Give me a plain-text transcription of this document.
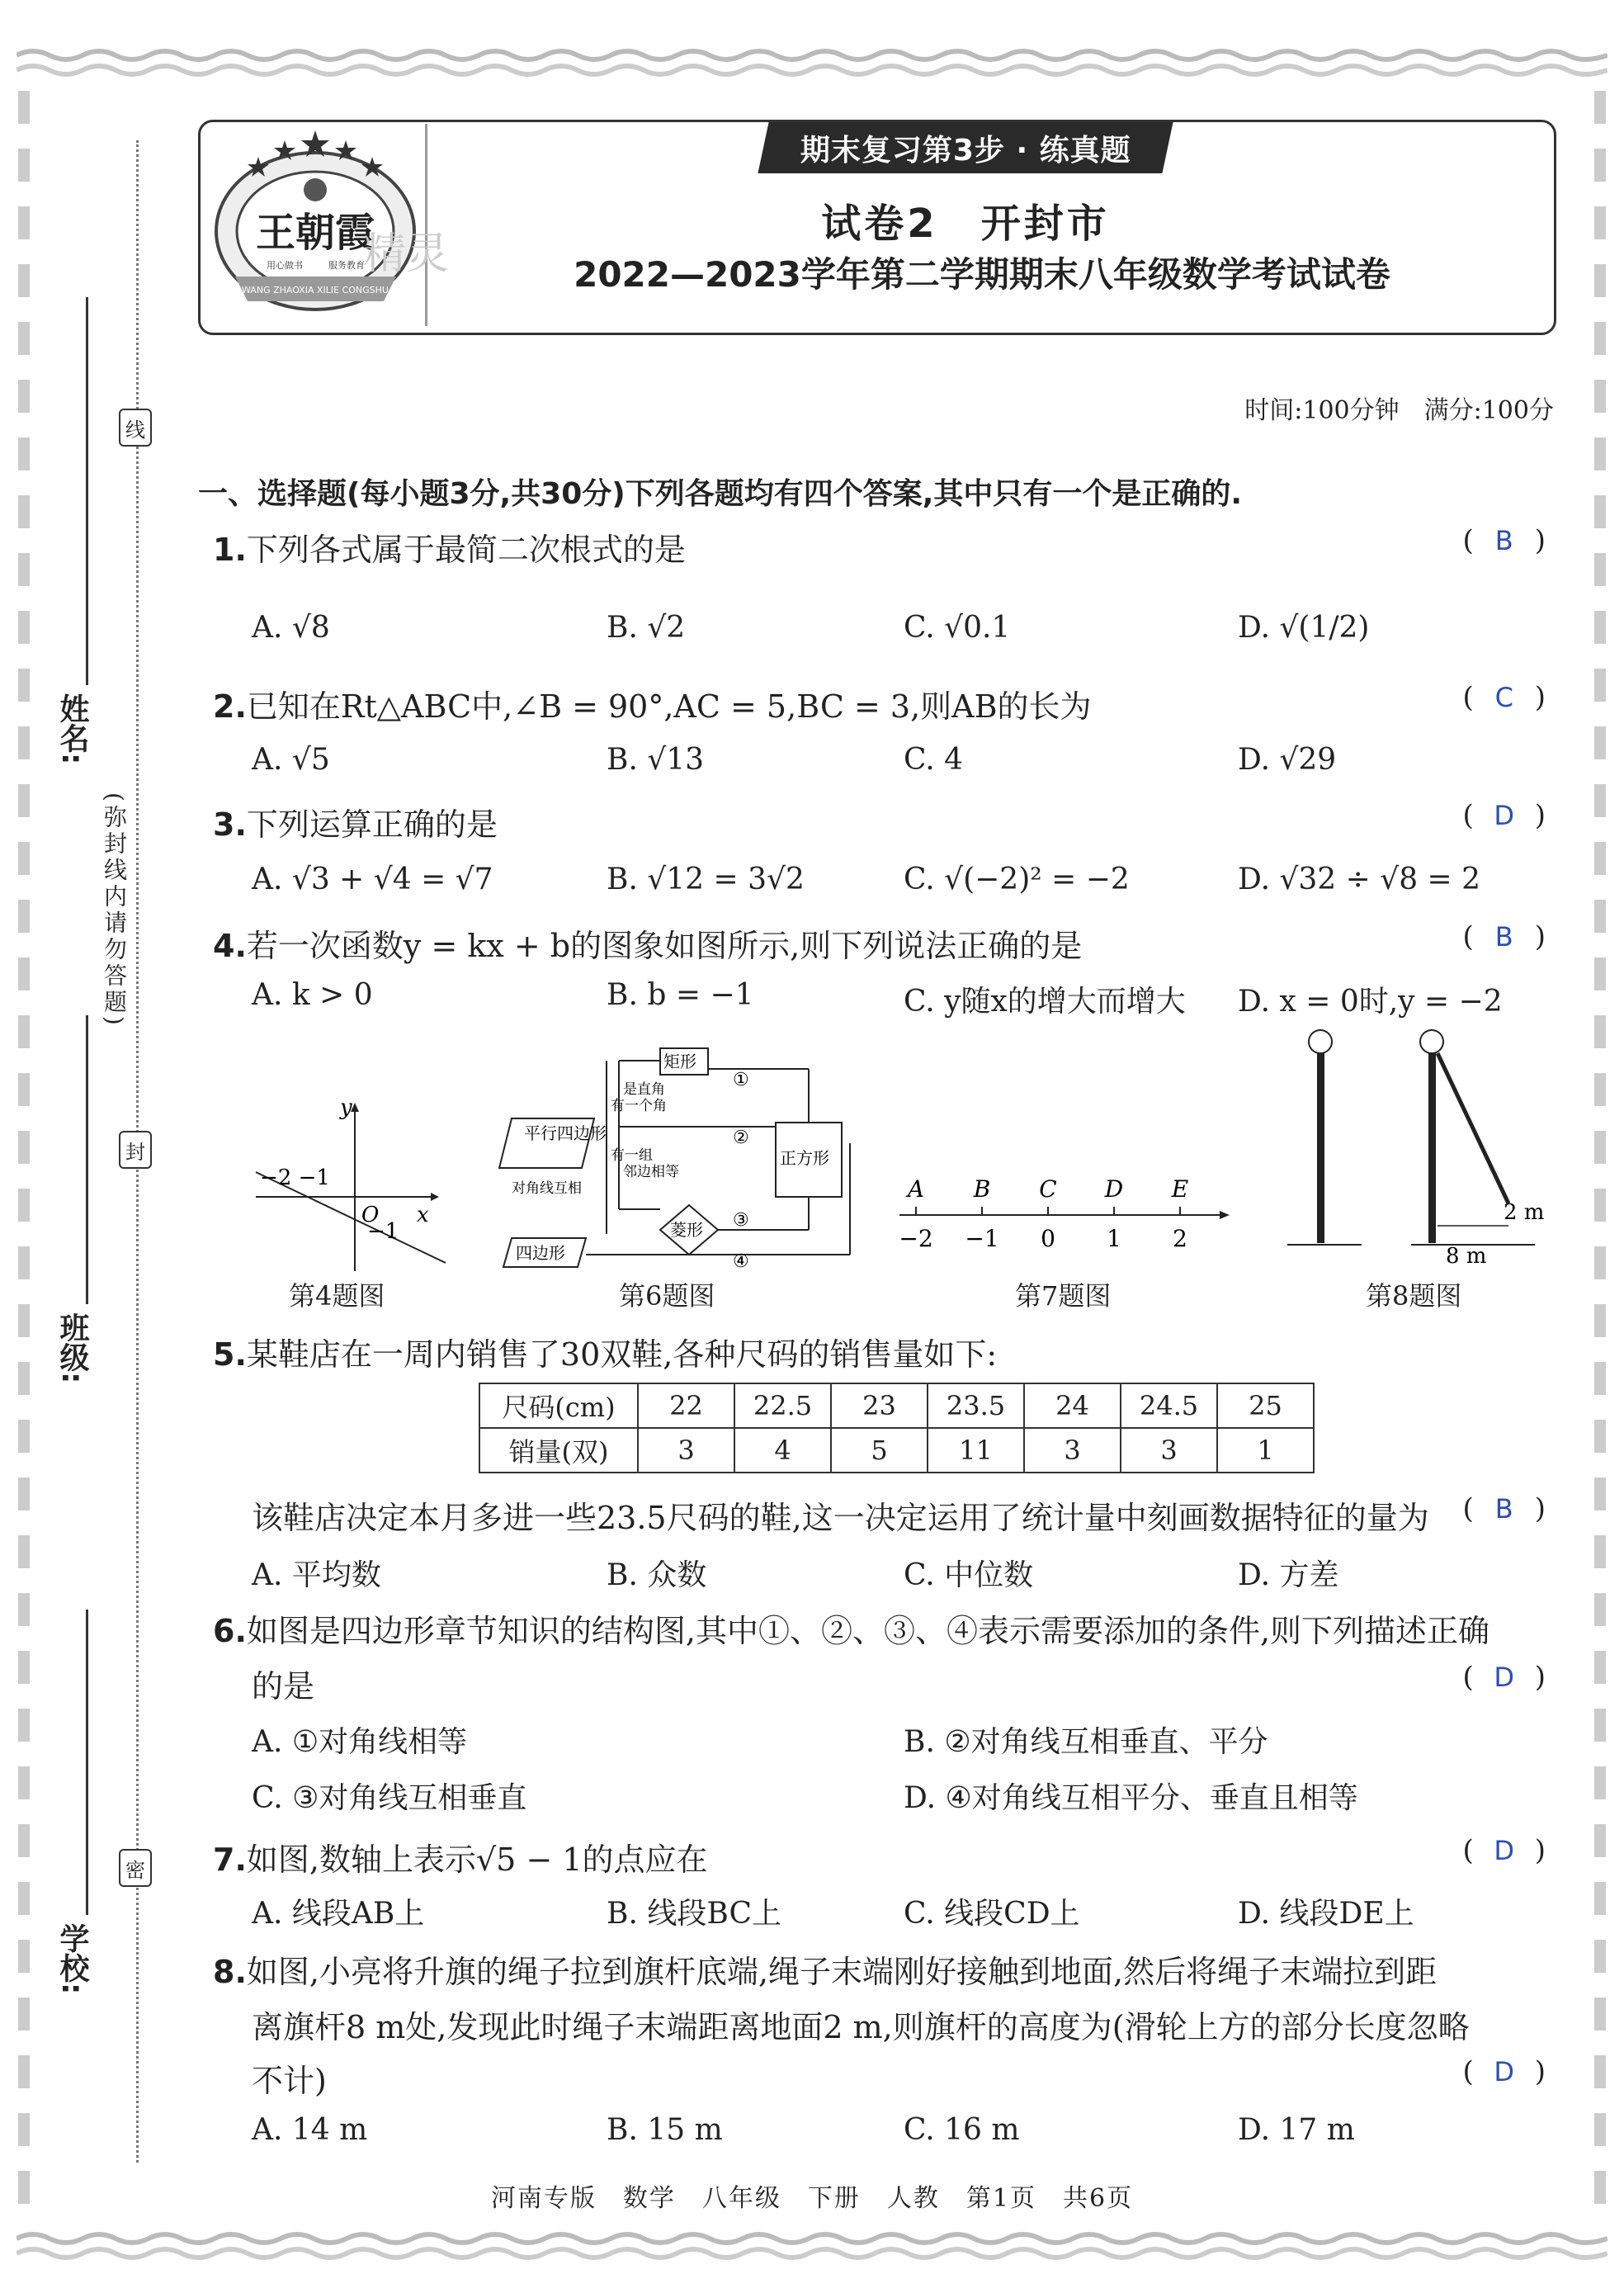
线
封
密
(弥封线内请勿答题)
姓名:
班级:
学校:
王朝霞
用心做书	服务教育
WANG ZHAOXIA XILIE CONGSHU
精灵
期末复习第3步 · 练真题
试卷2　开封市
2022—2023学年第二学期期末八年级数学考试试卷
时间:100分钟　满分:100分
一、选择题(每小题3分,共30分)下列各题均有四个答案,其中只有一个是正确的.
1.下列各式属于最简二次根式的是	( B )
A. √8	B. √2	C. √0.1	D. √(1/2)
2.已知在Rt△ABC中,∠B = 90°,AC = 5,BC = 3,则AB的长为	( C )
A. √5	B. √13	C. 4	D. √29
3.下列运算正确的是	( D )
A. √3 + √4 = √7	B. √12 = 3√2	C. √(−2)² = −2	D. √32 ÷ √8 = 2
4.若一次函数y = kx + b的图象如图所示,则下列说法正确的是	( B )
A. k > 0	B. b = −1	C. y随x的增大而增大 D. x = 0时,y = −2
y
x
O
−2 −1
−1
第4题图
平行四边形
四边形
作业精灵
矩形
正方形
菱形
①
②
③
④
有一个角
是直角
有一组
邻边相等
对角线互相
第6题图
A
−2
B
−1
C
0
D
1
E
2
第7题图
2 m
8 m
第8题图
5.某鞋店在一周内销售了30双鞋,各种尺码的销售量如下:
尺码(cm)	22	22.5	23	23.5	24	24.5	25
销量(双)	3	4	5	11	3	3	1
该鞋店决定本月多进一些23.5尺码的鞋,这一决定运用了统计量中刻画数据特征的量为 ( B )
A. 平均数	B. 众数	C. 中位数	D. 方差
6.如图是四边形章节知识的结构图,其中①、②、③、④表示需要添加的条件,则下列描述正确
的是	( D )
A. ①对角线相等	B. ②对角线互相垂直、平分
C. ③对角线互相垂直	D. ④对角线互相平分、垂直且相等
7.如图,数轴上表示√5 − 1的点应在	( D )
A. 线段AB上	B. 线段BC上	C. 线段CD上	D. 线段DE上
8.如图,小亮将升旗的绳子拉到旗杆底端,绳子末端刚好接触到地面,然后将绳子末端拉到距
离旗杆8 m处,发现此时绳子末端距离地面2 m,则旗杆的高度为(滑轮上方的部分长度忽略
不计)	( D )
A. 14 m	B. 15 m	C. 16 m	D. 17 m
河南专版　数学　八年级　下册　人教　第1页　共6页
